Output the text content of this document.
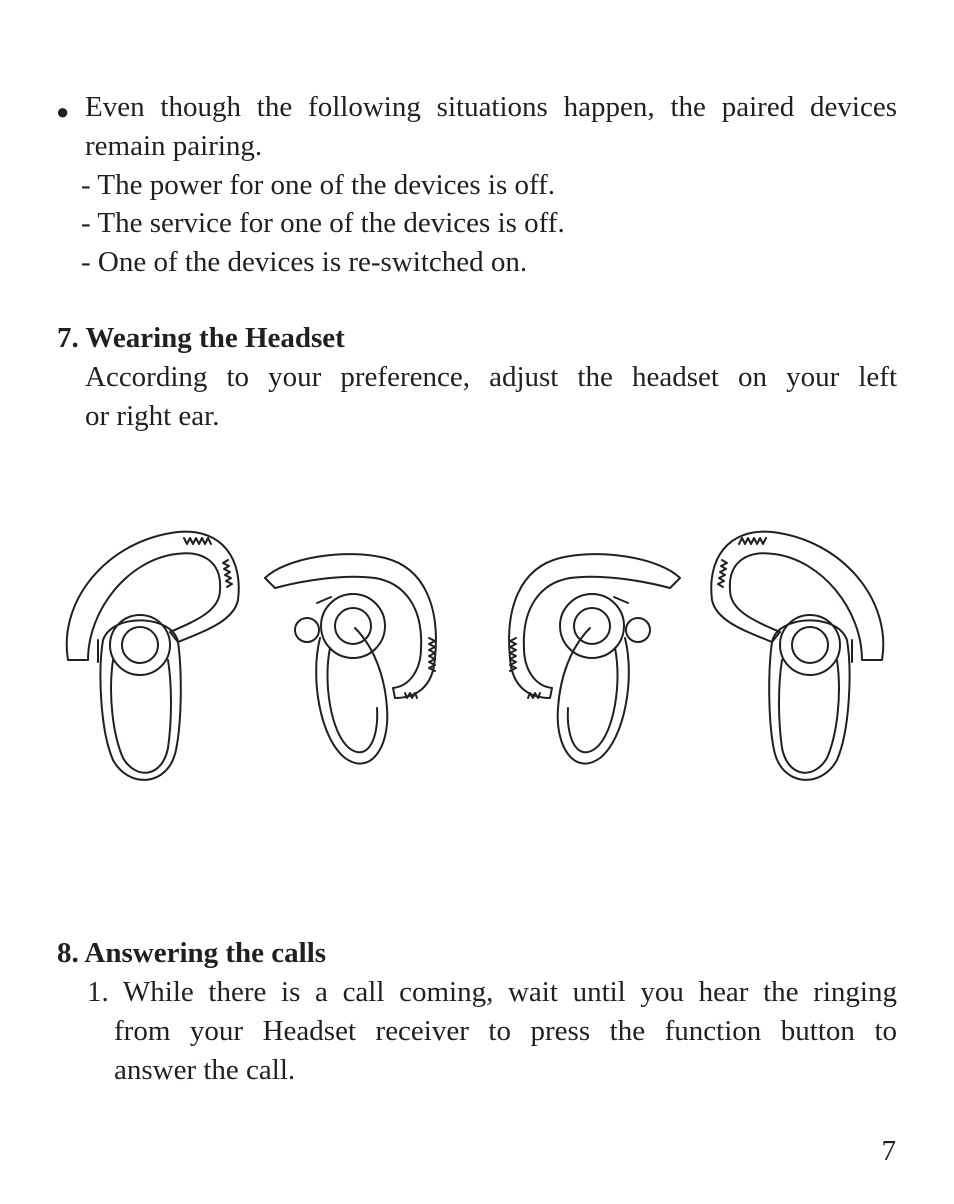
● Even though the following situations happen, the paired devices
remain pairing.
- The power for one of the devices is off.
- The service for one of the devices is off.
- One of the devices is re-switched on.
7. Wearing the Headset
According to your preference, adjust the headset on your left
or right ear.
8. Answering the calls
1. While there is a call coming, wait until you hear the ringing
from your Headset receiver to press the function button to
answer the call.
7
